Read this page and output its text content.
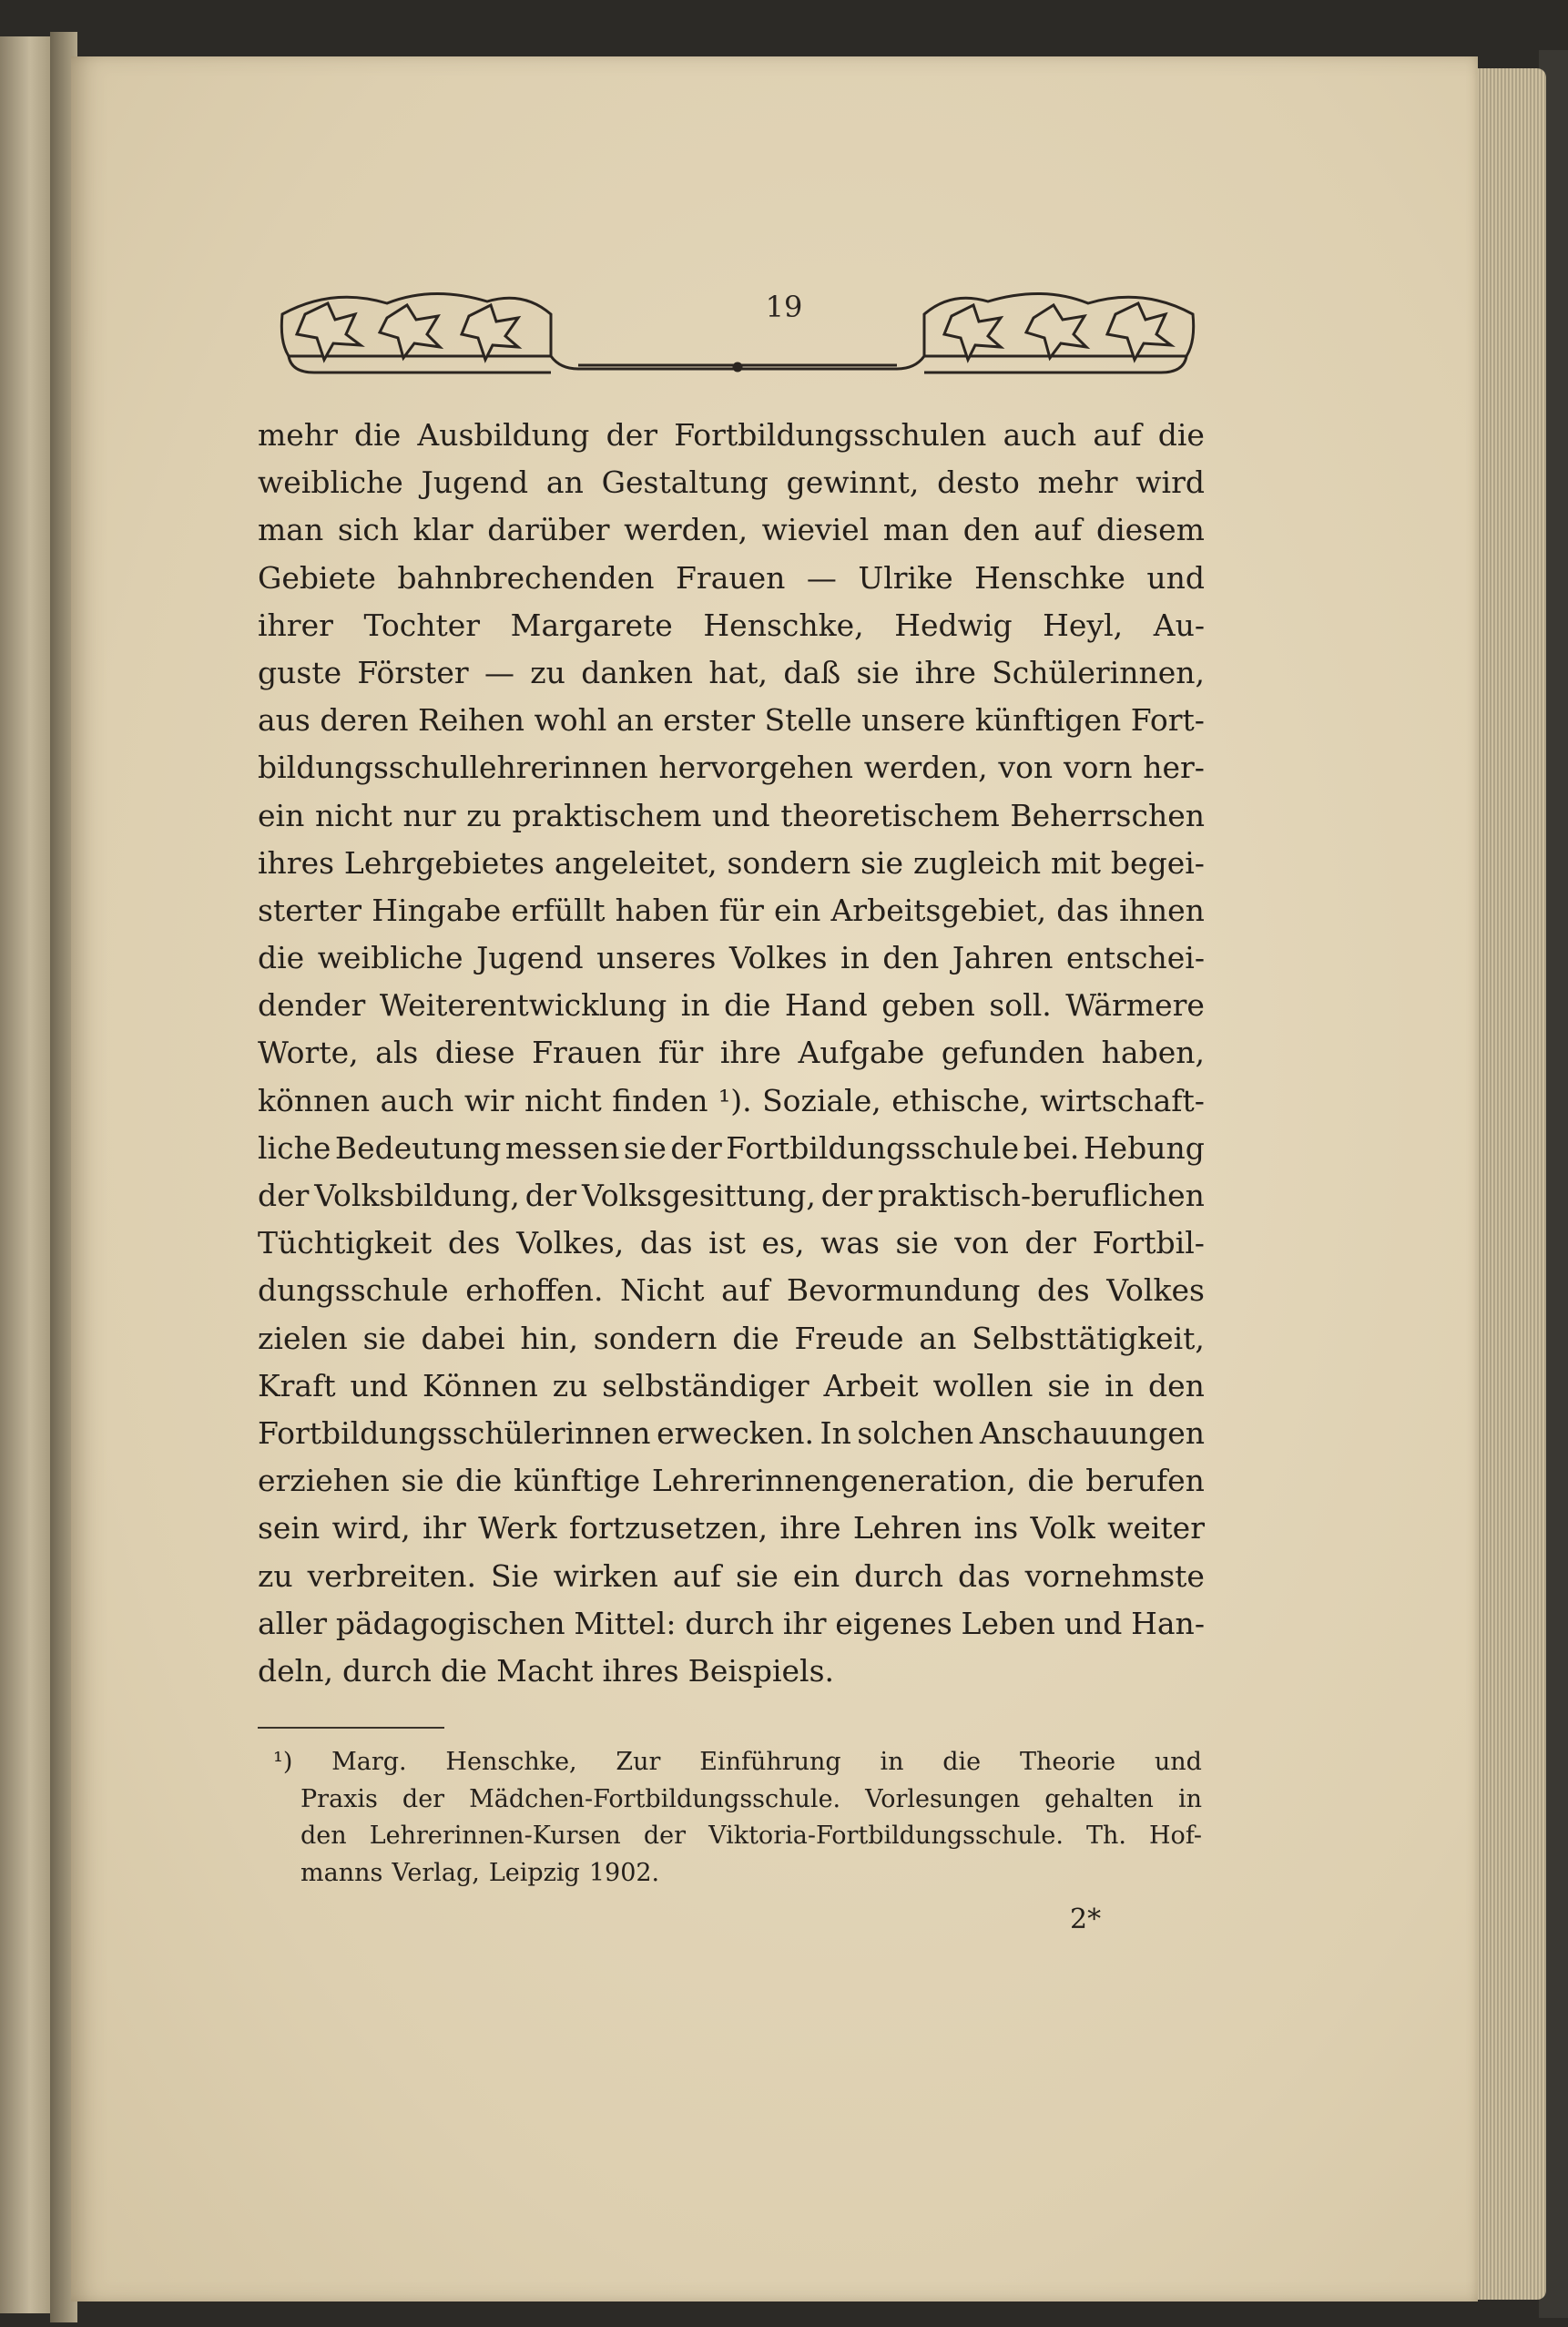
19
mehr die Ausbildung der Fortbildungsschulen auch auf die
weibliche Jugend an Gestaltung gewinnt, desto mehr wird
man sich klar darüber werden, wieviel man den auf diesem
Gebiete bahnbrechenden Frauen — Ulrike Henschke und
ihrer Tochter Margarete Henschke, Hedwig Heyl, Au-
guste Förster — zu danken hat, daß sie ihre Schülerinnen,
aus deren Reihen wohl an erster Stelle unsere künftigen Fort-
bildungsschullehrerinnen hervorgehen werden, von vorn her-
ein nicht nur zu praktischem und theoretischem Beherrschen
ihres Lehrgebietes angeleitet, sondern sie zugleich mit begei-
sterter Hingabe erfüllt haben für ein Arbeitsgebiet, das ihnen
die weibliche Jugend unseres Volkes in den Jahren entschei-
dender Weiterentwicklung in die Hand geben soll. Wärmere
Worte, als diese Frauen für ihre Aufgabe gefunden haben,
können auch wir nicht finden ¹). Soziale, ethische, wirtschaft-
liche Bedeutung messen sie der Fortbildungsschule bei. Hebung
der Volksbildung, der Volksgesittung, der praktisch-beruflichen
Tüchtigkeit des Volkes, das ist es, was sie von der Fortbil-
dungsschule erhoffen. Nicht auf Bevormundung des Volkes
zielen sie dabei hin, sondern die Freude an Selbsttätigkeit,
Kraft und Können zu selbständiger Arbeit wollen sie in den
Fortbildungsschülerinnen erwecken. In solchen Anschauungen
erziehen sie die künftige Lehrerinnengeneration, die berufen
sein wird, ihr Werk fortzusetzen, ihre Lehren ins Volk weiter
zu verbreiten. Sie wirken auf sie ein durch das vornehmste
aller pädagogischen Mittel: durch ihr eigenes Leben und Han-
deln, durch die Macht ihres Beispiels.
¹) Marg. Henschke, Zur Einführung in die Theorie und
Praxis der Mädchen-Fortbildungsschule. Vorlesungen gehalten in
den Lehrerinnen-Kursen der Viktoria-Fortbildungsschule. Th. Hof-
manns Verlag, Leipzig 1902.
2*
